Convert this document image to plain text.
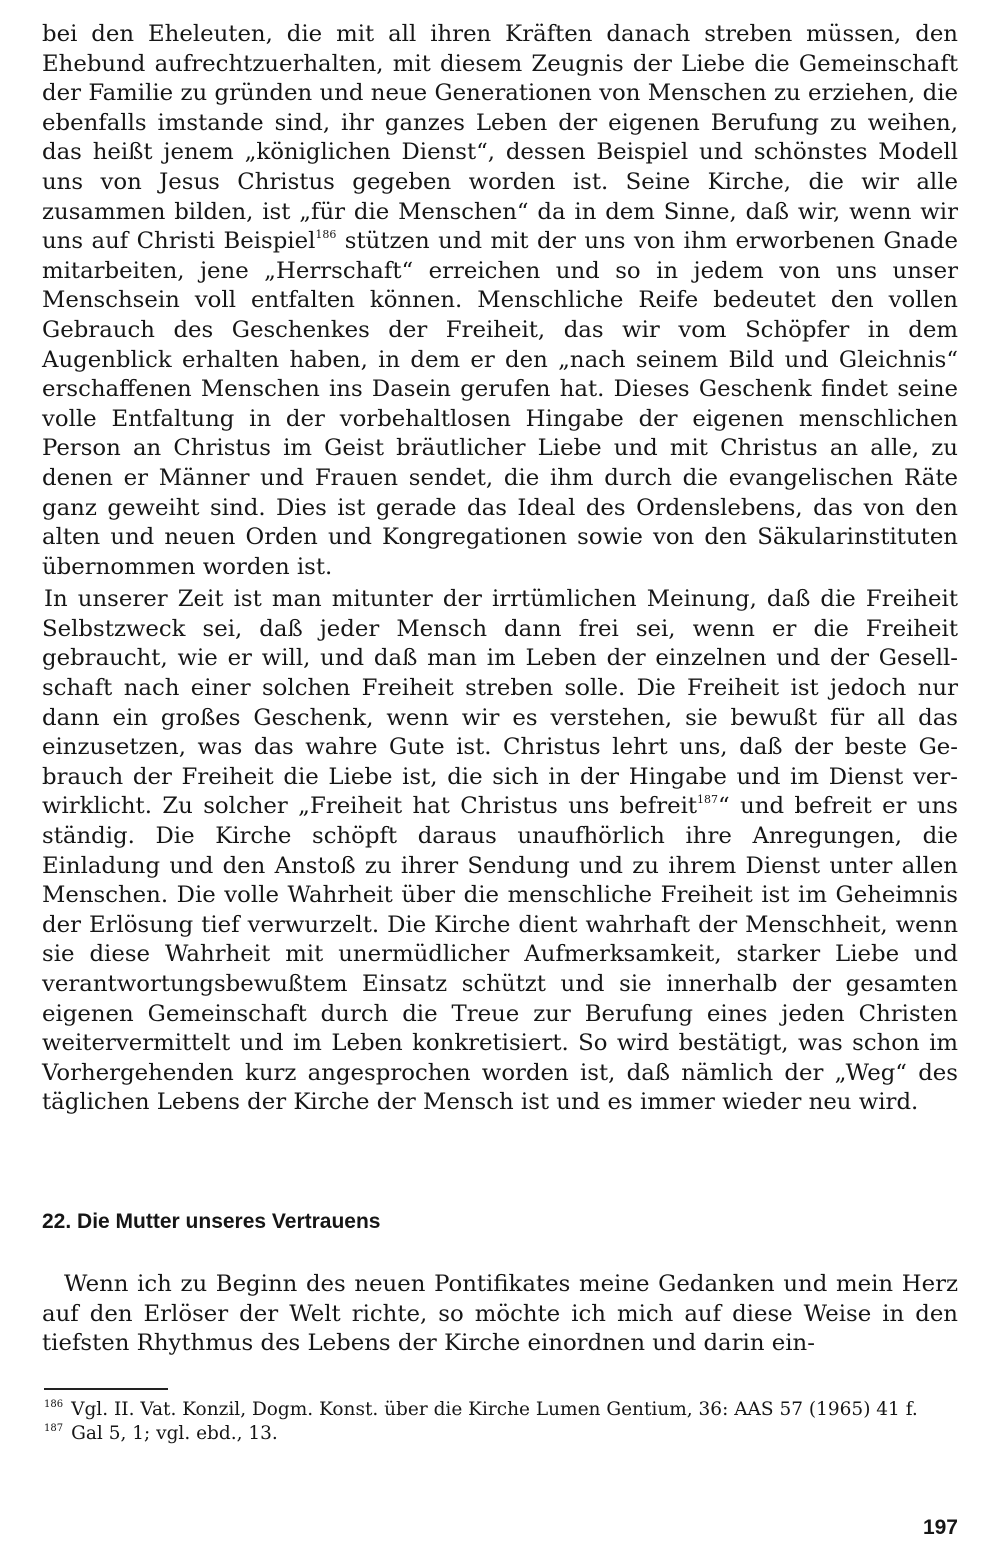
bei den Eheleuten, die mit all ihren Kräften danach streben müssen, den Ehebund aufrechtzuerhalten, mit diesem Zeugnis der Liebe die Gemeinschaft der Familie zu gründen und neue Generationen von Menschen zu erziehen, die ebenfalls imstande sind, ihr ganzes Leben der eigenen Berufung zu weihen, das heißt jenem „königlichen Dienst“, dessen Beispiel und schönstes Modell uns von Jesus Christus gegeben worden ist. Seine Kirche, die wir alle zusammen bilden, ist „für die Menschen“ da in dem Sinne, daß wir, wenn wir uns auf Christi Beispiel$^{186}$ stützen und mit der uns von ihm erworbenen Gnade mitarbeiten, jene „Herrschaft“ erreichen und so in jedem von uns unser Menschsein voll entfalten können. Menschliche Reife bedeutet den vollen Gebrauch des Geschenkes der Freiheit, das wir vom Schöpfer in dem Augenblick erhalten haben, in dem er den „nach seinem Bild und Gleichnis“ erschaffenen Menschen ins Dasein gerufen hat. Dieses Geschenk findet seine volle Entfaltung in der vorbehaltlosen Hingabe der eigenen menschlichen Person an Christus im Geist bräutlicher Liebe und mit Christus an alle, zu denen er Männer und Frauen sendet, die ihm durch die evangelischen Räte ganz geweiht sind. Dies ist gerade das Ideal des Ordenslebens, das von den alten und neuen Orden und Kongregationen sowie von den Säkularinstituten übernommen worden ist.

In unserer Zeit ist man mitunter der irrtümlichen Meinung, daß die Freiheit Selbstzweck sei, daß jeder Mensch dann frei sei, wenn er die Freiheit gebraucht, wie er will, und daß man im Leben der einzelnen und der Gesellschaft nach einer solchen Freiheit streben solle. Die Freiheit ist jedoch nur dann ein großes Geschenk, wenn wir es verstehen, sie bewußt für all das einzusetzen, was das wahre Gute ist. Christus lehrt uns, daß der beste Gebrauch der Freiheit die Liebe ist, die sich in der Hingabe und im Dienst verwirklicht. Zu solcher „Freiheit hat Christus uns befreit$^{187}$“ und befreit er uns ständig. Die Kirche schöpft daraus unaufhörlich ihre Anregungen, die Einladung und den Anstoß zu ihrer Sendung und zu ihrem Dienst unter allen Menschen. Die volle Wahrheit über die menschliche Freiheit ist im Geheimnis der Erlösung tief verwurzelt. Die Kirche dient wahrhaft der Menschheit, wenn sie diese Wahrheit mit unermüdlicher Aufmerksamkeit, starker Liebe und verantwortungsbewußtem Einsatz schützt und sie innerhalb der gesamten eigenen Gemeinschaft durch die Treue zur Berufung eines jeden Christen weitervermittelt und im Leben konkretisiert. So wird bestätigt, was schon im Vorhergehenden kurz angesprochen worden ist, daß nämlich der „Weg“ des täglichen Lebens der Kirche der Mensch ist und es immer wieder neu wird.

22. Die Mutter unseres Vertrauens

Wenn ich zu Beginn des neuen Pontifikates meine Gedanken und mein Herz auf den Erlöser der Welt richte, so möchte ich mich auf diese Weise in den tiefsten Rhythmus des Lebens der Kirche einordnen und darin ein-

$^{186}$ Vgl. II. Vat. Konzil, Dogm. Konst. über die Kirche Lumen Gentium, 36: AAS 57 (1965) 41 f.

$^{187}$ Gal 5, 1; vgl. ebd., 13.

197
